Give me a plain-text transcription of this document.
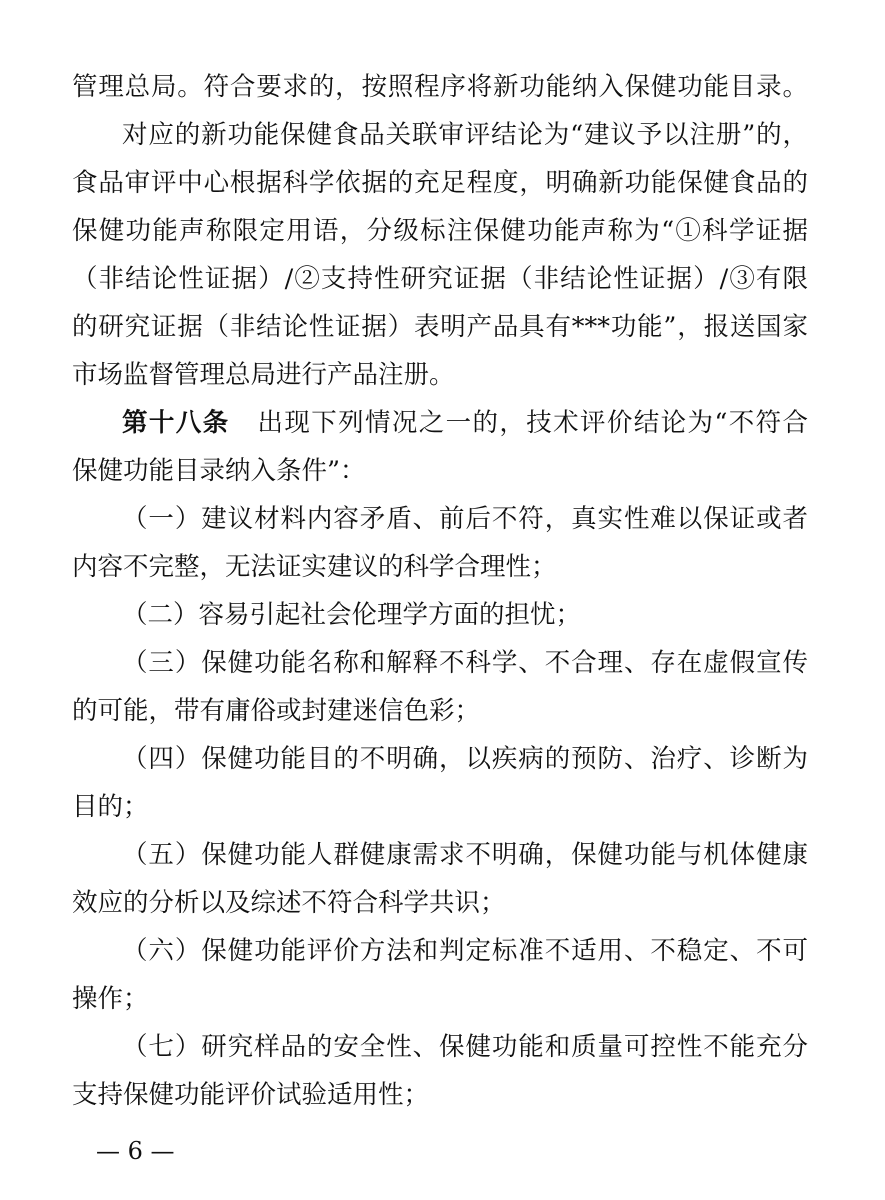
管理总局。符合要求的，按照程序将新功能纳入保健功能目录。
对应的新功能保健食品关联审评结论为“建议予以注册”的，
食品审评中心根据科学依据的充足程度，明确新功能保健食品的
保健功能声称限定用语，分级标注保健功能声称为“①科学证据
（非结论性证据）/②支持性研究证据（非结论性证据）/③有限
的研究证据（非结论性证据）表明产品具有***功能”，报送国家
市场监督管理总局进行产品注册。
第十八条 出现下列情况之一的，技术评价结论为“不符合
保健功能目录纳入条件”：
（一）建议材料内容矛盾、前后不符，真实性难以保证或者
内容不完整，无法证实建议的科学合理性；
（二）容易引起社会伦理学方面的担忧；
（三）保健功能名称和解释不科学、不合理、存在虚假宣传
的可能，带有庸俗或封建迷信色彩；
（四）保健功能目的不明确，以疾病的预防、治疗、诊断为
目的；
（五）保健功能人群健康需求不明确，保健功能与机体健康
效应的分析以及综述不符合科学共识；
（六）保健功能评价方法和判定标准不适用、不稳定、不可
操作；
（七）研究样品的安全性、保健功能和质量可控性不能充分
支持保健功能评价试验适用性；
— 6 —
